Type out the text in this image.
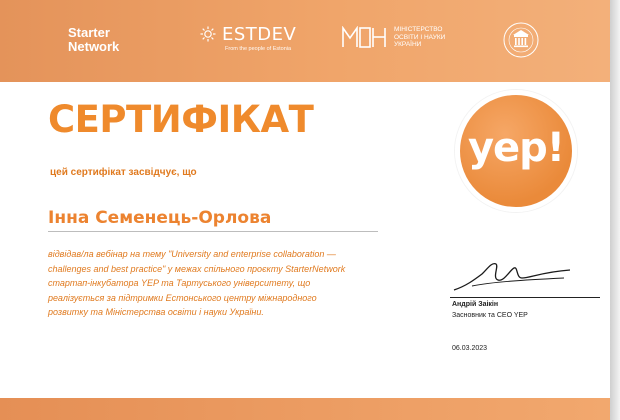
Starter
Network
ESTDEV
From the people of Estonia
МІНІСТЕРСТВО ОСВІТИ І НАУКИ УКРАЇНИ
СЕРТИФІКАТ
yep!
цей сертифікат засвідчує, що
Інна Семенець-Орлова
відвідав/ла вебінар на тему "University and enterprise collaboration —
challenges and best practice" у межах спільного проєкту StarterNetwork
стартап-інкубатора YEP та Тартуського університету, що
реалізується за підтримки Естонського центру міжнародного
розвитку та Міністерства освіти і науки України.
Андрій Заікін
Засновник та CEO YEP
06.03.2023
